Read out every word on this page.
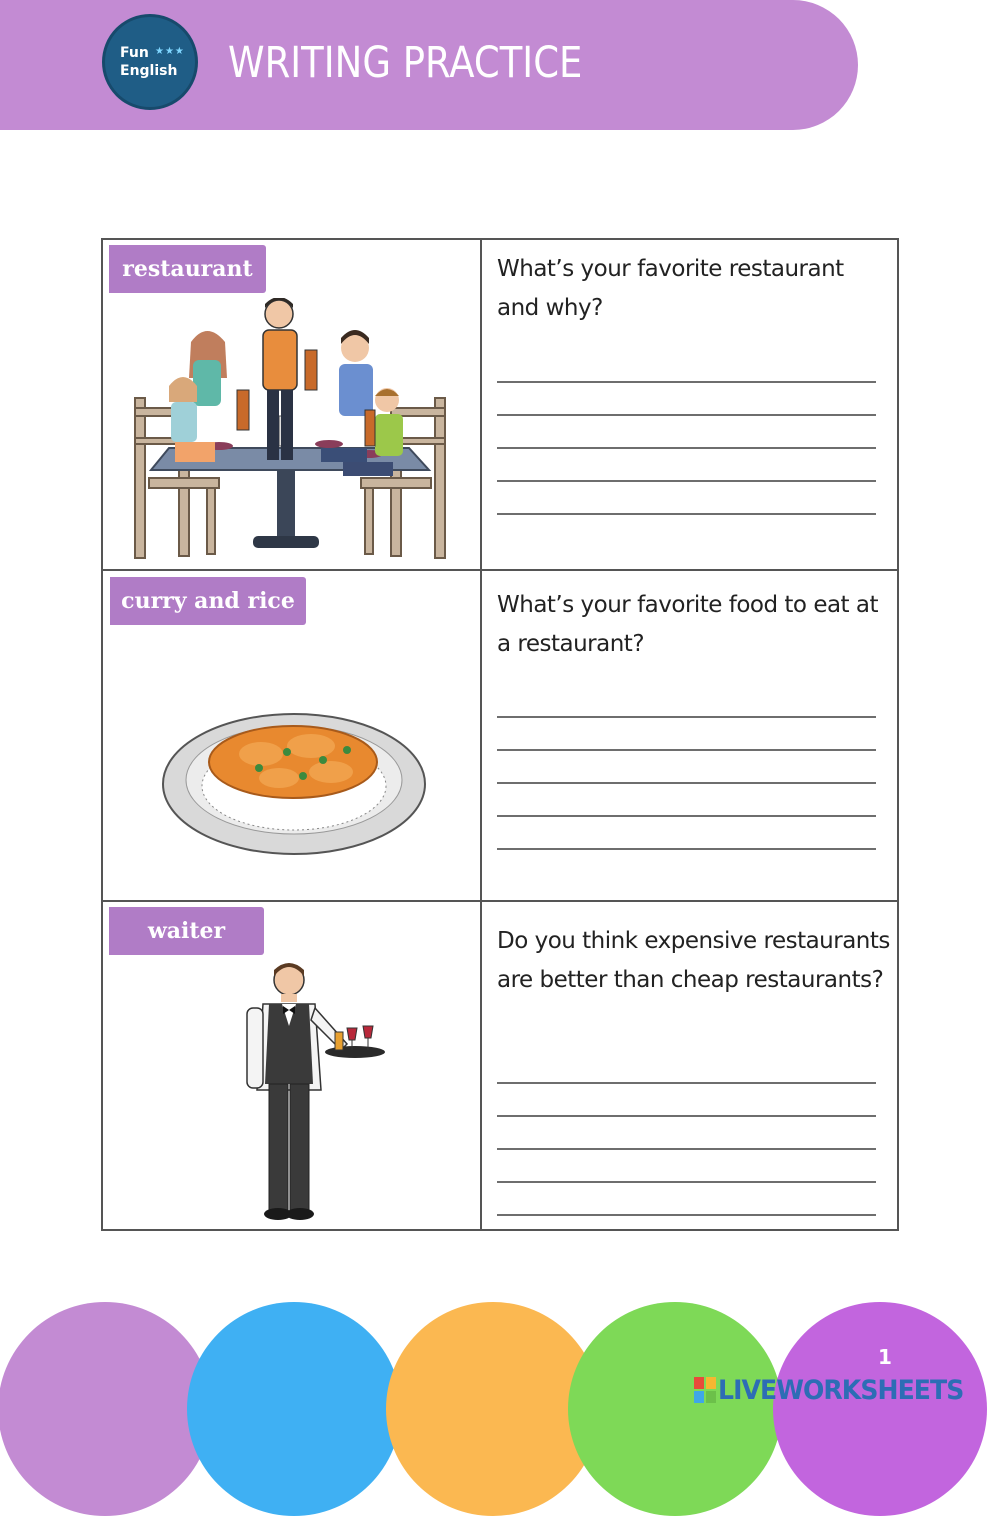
Fun ★★★
English WRITING PRACTICE
restaurant	What’s your favorite restaurant and why?
curry and rice	What’s your favorite food to eat at a restaurant?
waiter	Do you think expensive restaurants are better than cheap restaurants?
1
LIVEWORKSHEETS
